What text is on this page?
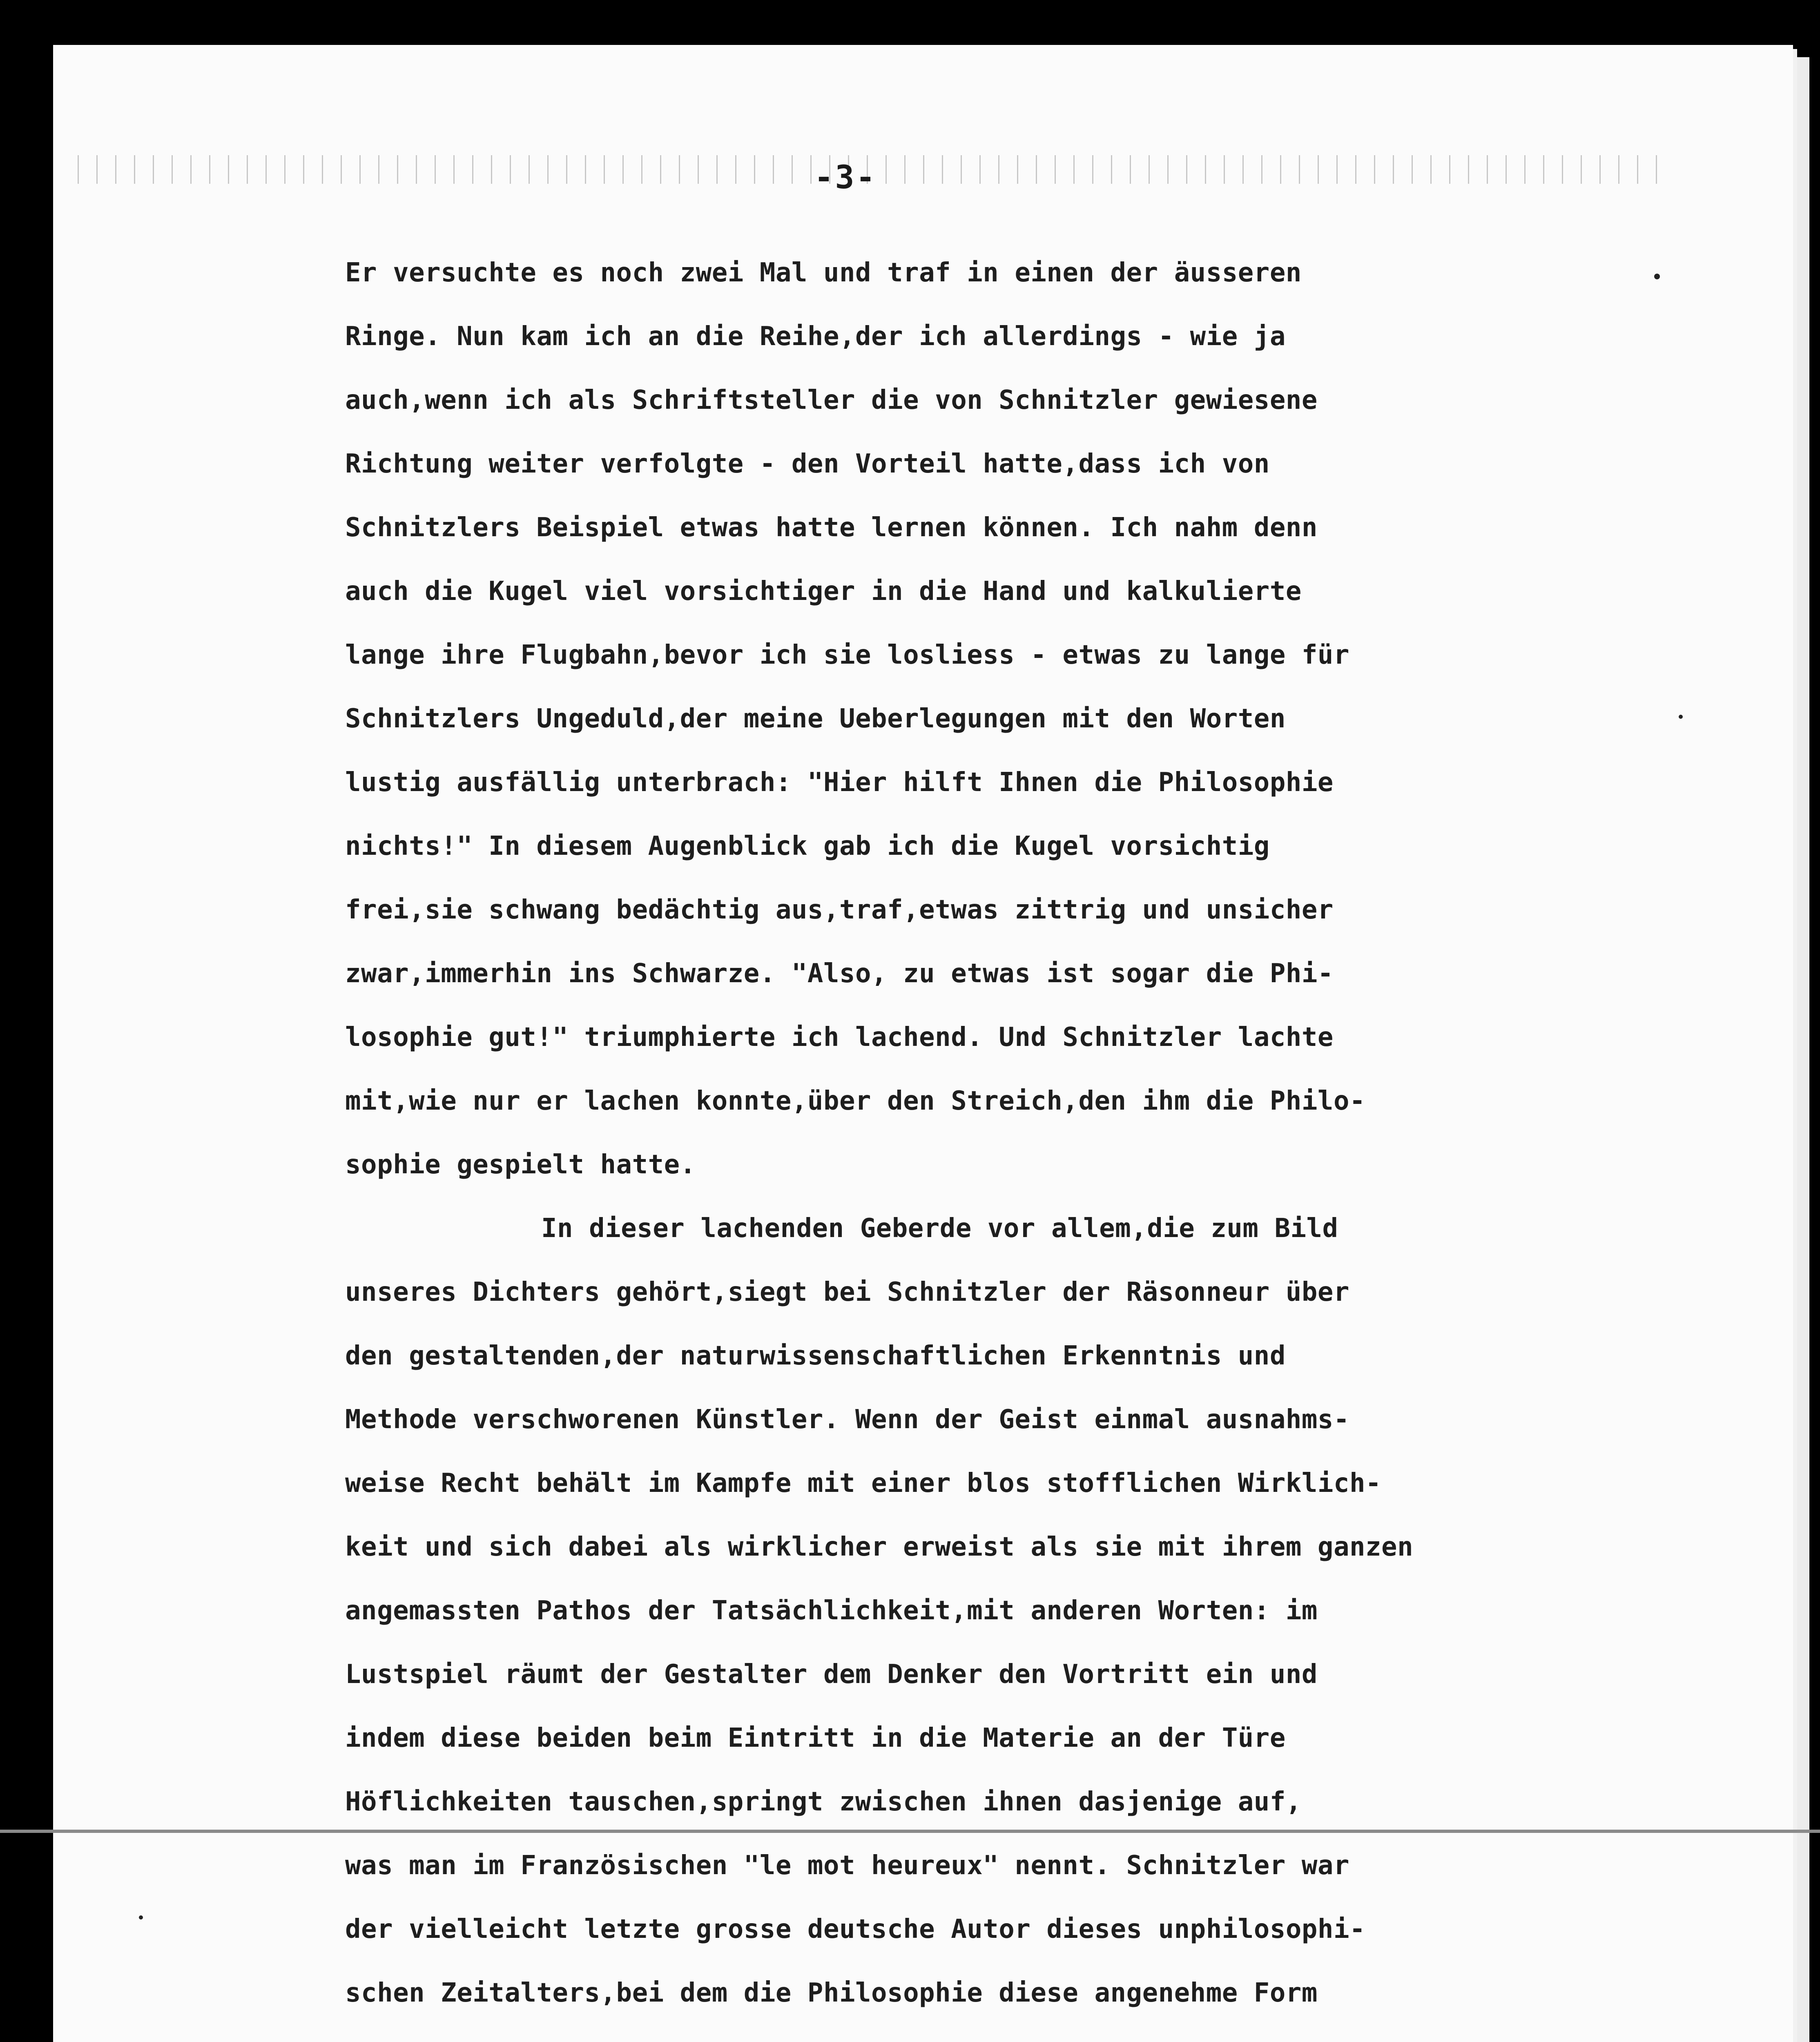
-3-
Er versuchte es noch zwei Mal und traf in einen der äusseren
Ringe. Nun kam ich an die Reihe,der ich allerdings - wie ja
auch,wenn ich als Schriftsteller die von Schnitzler gewiesene
Richtung weiter verfolgte - den Vorteil hatte,dass ich von
Schnitzlers Beispiel etwas hatte lernen können. Ich nahm denn
auch die Kugel viel vorsichtiger in die Hand und kalkulierte
lange ihre Flugbahn,bevor ich sie losliess - etwas zu lange für
Schnitzlers Ungeduld,der meine Ueberlegungen mit den Worten
lustig ausfällig unterbrach: "Hier hilft Ihnen die Philosophie
nichts!" In diesem Augenblick gab ich die Kugel vorsichtig
frei,sie schwang bedächtig aus,traf,etwas zittrig und unsicher
zwar,immerhin ins Schwarze. "Also, zu etwas ist sogar die Phi-
losophie gut!" triumphierte ich lachend. Und Schnitzler lachte
mit,wie nur er lachen konnte,über den Streich,den ihm die Philo-
sophie gespielt hatte.
In dieser lachenden Geberde vor allem,die zum Bild
unseres Dichters gehört,siegt bei Schnitzler der Räsonneur über
den gestaltenden,der naturwissenschaftlichen Erkenntnis und
Methode verschworenen Künstler. Wenn der Geist einmal ausnahms-
weise Recht behält im Kampfe mit einer blos stofflichen Wirklich-
keit und sich dabei als wirklicher erweist als sie mit ihrem ganzen
angemassten Pathos der Tatsächlichkeit,mit anderen Worten: im
Lustspiel räumt der Gestalter dem Denker den Vortritt ein und
indem diese beiden beim Eintritt in die Materie an der Türe
Höflichkeiten tauschen,springt zwischen ihnen dasjenige auf,
was man im Französischen "le mot heureux" nennt. Schnitzler war
der vielleicht letzte grosse deutsche Autor dieses unphilosophi-
schen Zeitalters,bei dem die Philosophie diese angenehme Form
